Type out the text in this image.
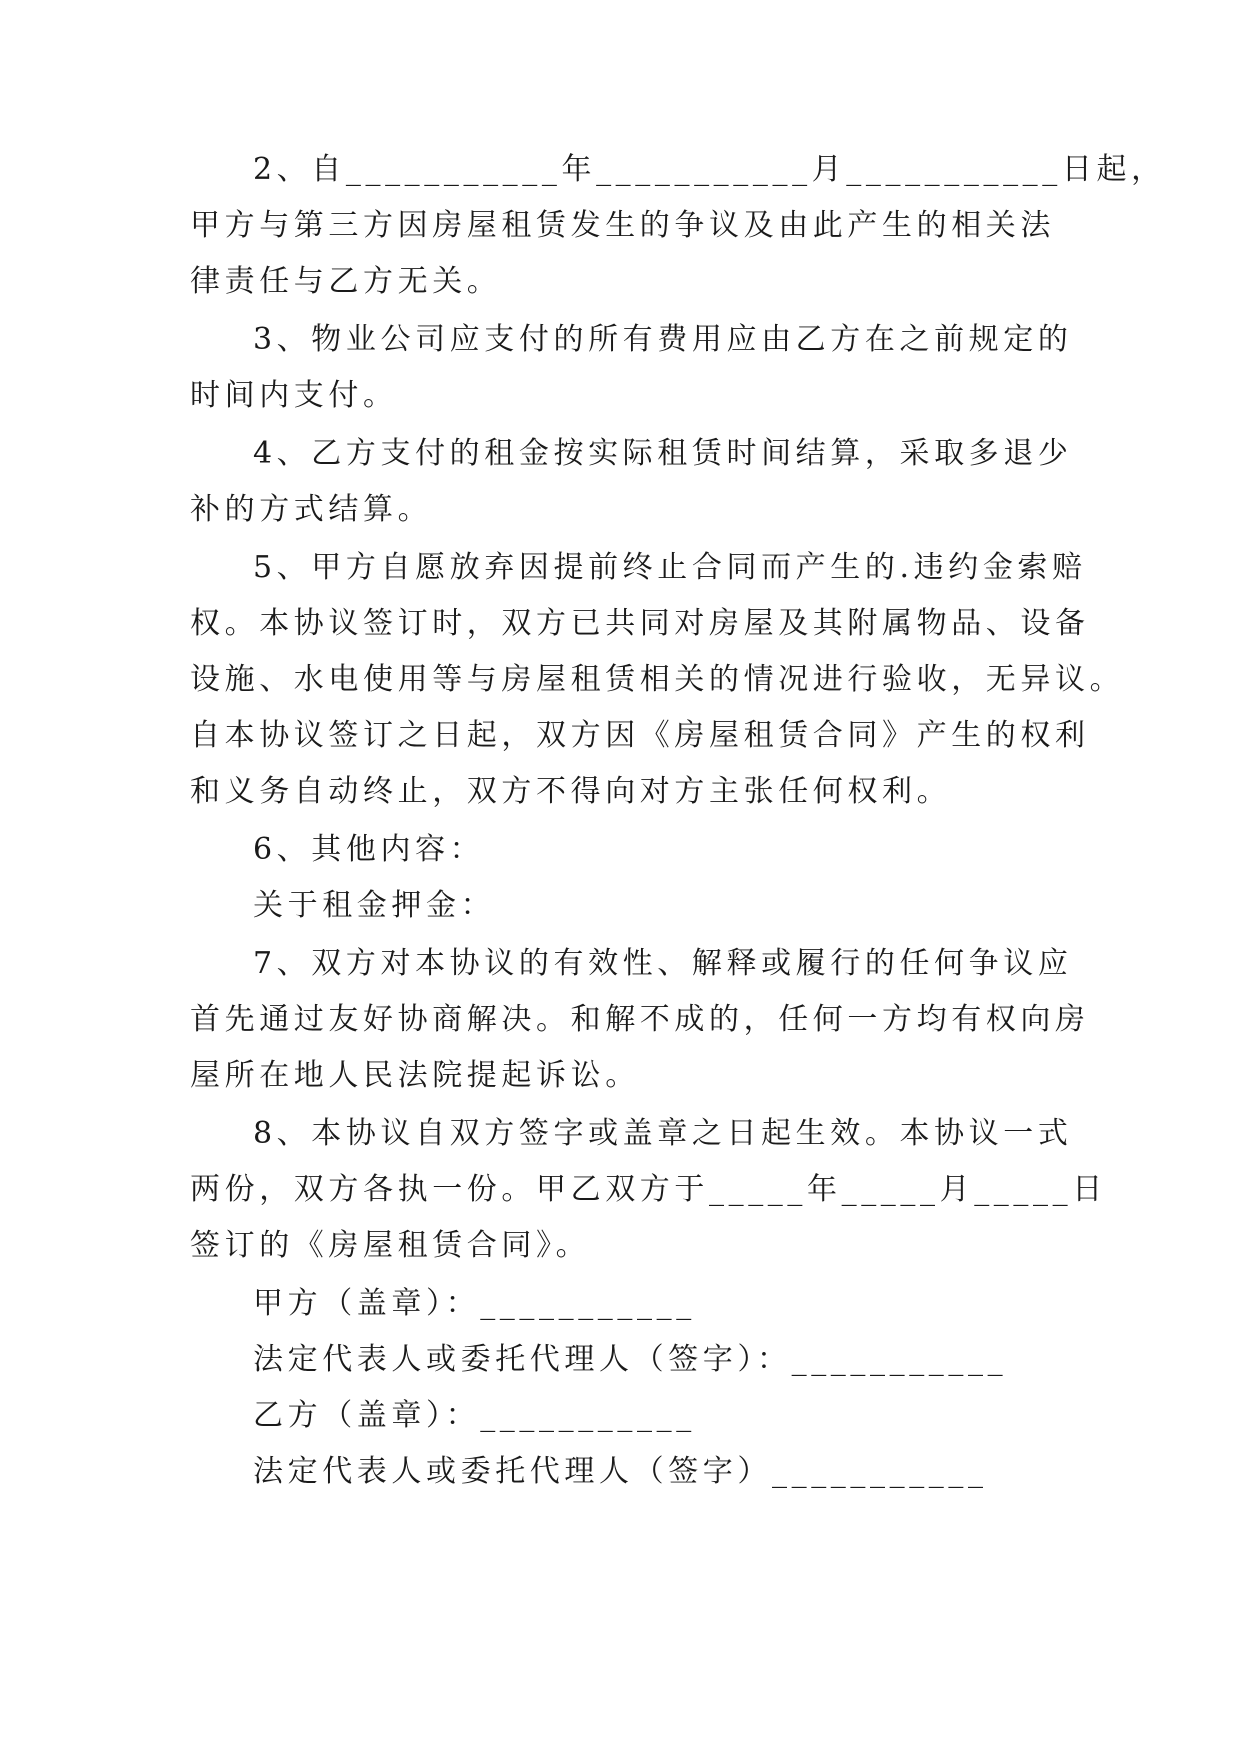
2、自___________年___________月___________日起，
甲方与第三方因房屋租赁发生的争议及由此产生的相关法
律责任与乙方无关。
3、物业公司应支付的所有费用应由乙方在之前规定的
时间内支付。
4、乙方支付的租金按实际租赁时间结算，采取多退少
补的方式结算。
5、甲方自愿放弃因提前终止合同而产生的.违约金索赔
权。本协议签订时，双方已共同对房屋及其附属物品、设备
设施、水电使用等与房屋租赁相关的情况进行验收，无异议。
自本协议签订之日起，双方因《房屋租赁合同》产生的权利
和义务自动终止，双方不得向对方主张任何权利。
6、其他内容：
关于租金押金：
7、双方对本协议的有效性、解释或履行的任何争议应
首先通过友好协商解决。和解不成的，任何一方均有权向房
屋所在地人民法院提起诉讼。
8、本协议自双方签字或盖章之日起生效。本协议一式
两份，双方各执一份。甲乙双方于_____年_____月_____日
签订的《房屋租赁合同》。
甲方（盖章）：___________
法定代表人或委托代理人（签字）：___________
乙方（盖章）：___________
法定代表人或委托代理人（签字）___________
